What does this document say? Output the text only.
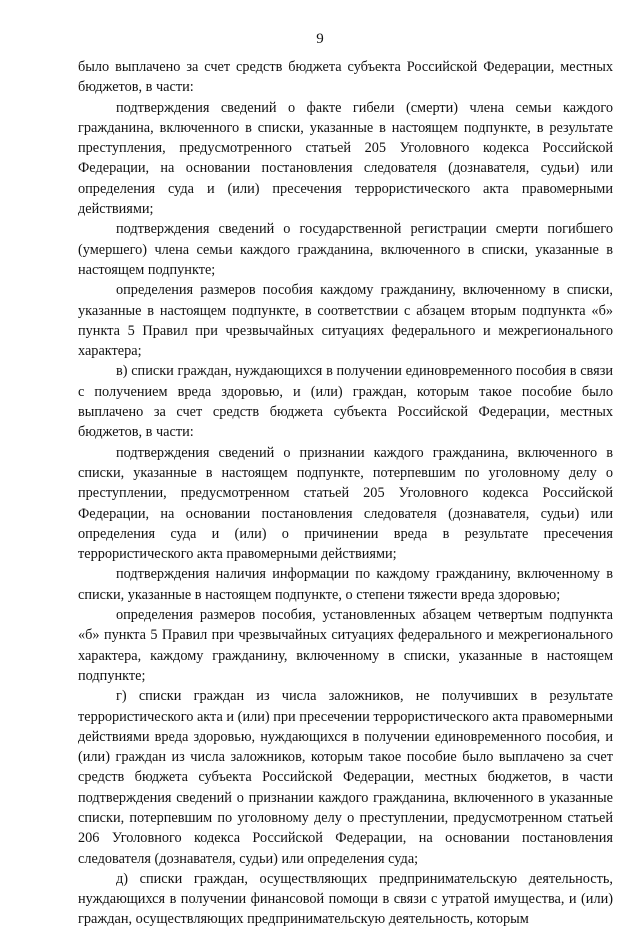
9

было выплачено за счет средств бюджета субъекта Российской Федерации, местных бюджетов, в части:

подтверждения сведений о факте гибели (смерти) члена семьи каждого гражданина, включенного в списки, указанные в настоящем подпункте, в результате преступления, предусмотренного статьей 205 Уголовного кодекса Российской Федерации, на основании постановления следователя (дознавателя, судьи) или определения суда и (или) пресечения террористического акта правомерными действиями;

подтверждения сведений о государственной регистрации смерти погибшего (умершего) члена семьи каждого гражданина, включенного в списки, указанные в настоящем подпункте;

определения размеров пособия каждому гражданину, включенному в списки, указанные в настоящем подпункте, в соответствии с абзацем вторым подпункта «б» пункта 5 Правил при чрезвычайных ситуациях федерального и межрегионального характера;

в) списки граждан, нуждающихся в получении единовременного пособия в связи с получением вреда здоровью, и (или) граждан, которым такое пособие было выплачено за счет средств бюджета субъекта Российской Федерации, местных бюджетов, в части:

подтверждения сведений о признании каждого гражданина, включенного в списки, указанные в настоящем подпункте, потерпевшим по уголовному делу о преступлении, предусмотренном статьей 205 Уголовного кодекса Российской Федерации, на основании постановления следователя (дознавателя, судьи) или определения суда и (или) о причинении вреда в результате пресечения террористического акта правомерными действиями;

подтверждения наличия информации по каждому гражданину, включенному в списки, указанные в настоящем подпункте, о степени тяжести вреда здоровью;

определения размеров пособия, установленных абзацем четвертым подпункта «б» пункта 5 Правил при чрезвычайных ситуациях федерального и межрегионального характера, каждому гражданину, включенному в списки, указанные в настоящем подпункте;

г) списки граждан из числа заложников, не получивших в результате террористического акта и (или) при пресечении террористического акта правомерными действиями вреда здоровью, нуждающихся в получении единовременного пособия, и (или) граждан из числа заложников, которым такое пособие было выплачено за счет средств бюджета субъекта Российской Федерации, местных бюджетов, в части подтверждения сведений о признании каждого гражданина, включенного в указанные списки, потерпевшим по уголовному делу о преступлении, предусмотренном статьей 206 Уголовного кодекса Российской Федерации, на основании постановления следователя (дознавателя, судьи) или определения суда;

д) списки граждан, осуществляющих предпринимательскую деятельность, нуждающихся в получении финансовой помощи в связи с утратой имущества, и (или) граждан, осуществляющих предпринимательскую деятельность, которым
